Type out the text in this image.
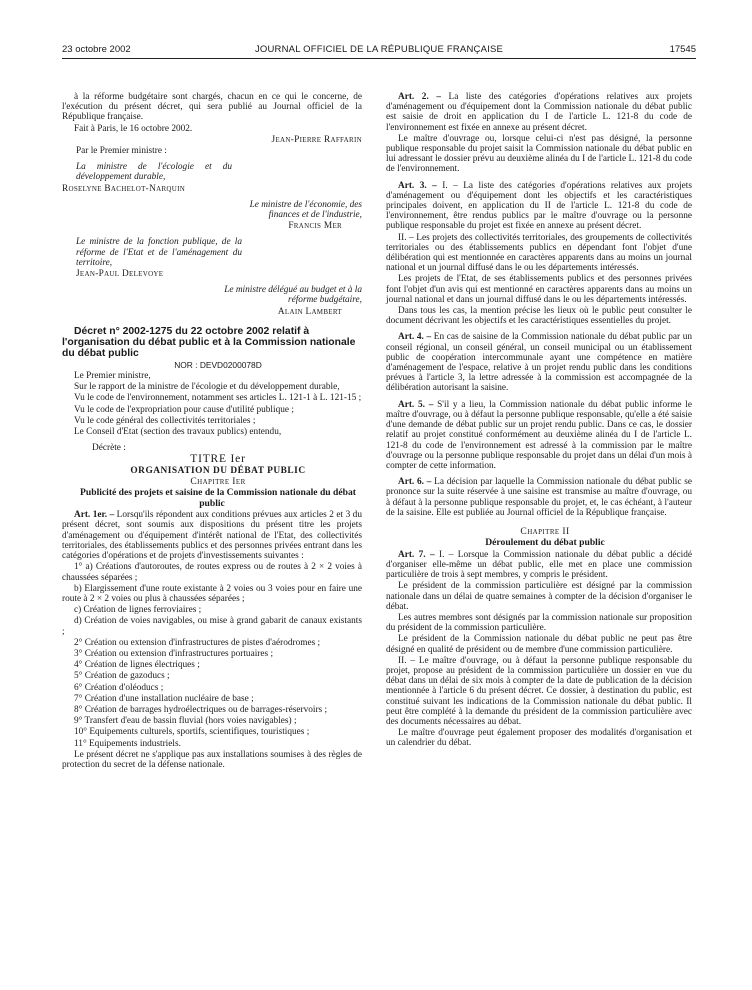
23 octobre 2002	JOURNAL OFFICIEL DE LA RÉPUBLIQUE FRANÇAISE	17545

à la réforme budgétaire sont chargés, chacun en ce qui le concerne, de l'exécution du présent décret, qui sera publié au Journal officiel de la République française.

Fait à Paris, le 16 octobre 2002.

Jean-Pierre Raffarin

Par le Premier ministre :

La ministre de l'écologie et du développement durable,

Roselyne Bachelot-Narquin

Le ministre de l'économie, des finances et de l'industrie,

Francis Mer

Le ministre de la fonction publique, de la réforme de l'Etat et de l'aménagement du territoire,

Jean-Paul Delevoye

Le ministre délégué au budget et à la réforme budgétaire,

Alain Lambert

Décret n° 2002-1275 du 22 octobre 2002 relatif à l'organisation du débat public et à la Commission nationale du débat public

NOR : DEVD0200078D

Le Premier ministre,

Sur le rapport de la ministre de l'écologie et du développement durable,

Vu le code de l'environnement, notamment ses articles L. 121-1 à L. 121-15 ;

Vu le code de l'expropriation pour cause d'utilité publique ;

Vu le code général des collectivités territoriales ;

Le Conseil d'Etat (section des travaux publics) entendu,

Décrète :

TITRE Ier

ORGANISATION DU DÉBAT PUBLIC

Chapitre Ier

Publicité des projets et saisine de la Commission nationale du débat public

Art. 1er. – Lorsqu'ils répondent aux conditions prévues aux articles 2 et 3 du présent décret, sont soumis aux dispositions du présent titre les projets d'aménagement ou d'équipement d'intérêt national de l'Etat, des collectivités territoriales, des établissements publics et des personnes privées entrant dans les catégories d'opérations et de projets d'investissements suivantes :

1° a) Créations d'autoroutes, de routes express ou de routes à 2 × 2 voies à chaussées séparées ;

b) Elargissement d'une route existante à 2 voies ou 3 voies pour en faire une route à 2 × 2 voies ou plus à chaussées séparées ;

c) Création de lignes ferroviaires ;

d) Création de voies navigables, ou mise à grand gabarit de canaux existants ;

2° Création ou extension d'infrastructures de pistes d'aérodromes ;

3° Création ou extension d'infrastructures portuaires ;

4° Création de lignes électriques ;

5° Création de gazoducs ;

6° Création d'oléoducs ;

7° Création d'une installation nucléaire de base ;

8° Création de barrages hydroélectriques ou de barrages-réservoirs ;

9° Transfert d'eau de bassin fluvial (hors voies navigables) ;

10° Equipements culturels, sportifs, scientifiques, touristiques ;

11° Equipements industriels.

Le présent décret ne s'applique pas aux installations soumises à des règles de protection du secret de la défense nationale.

Art. 2. – La liste des catégories d'opérations relatives aux projets d'aménagement ou d'équipement dont la Commission nationale du débat public est saisie de droit en application du I de l'article L. 121-8 du code de l'environnement est fixée en annexe au présent décret.

Le maître d'ouvrage ou, lorsque celui-ci n'est pas désigné, la personne publique responsable du projet saisit la Commission nationale du débat public en lui adressant le dossier prévu au deuxième alinéa du I de l'article L. 121-8 du code de l'environnement.

Art. 3. – I. – La liste des catégories d'opérations relatives aux projets d'aménagement ou d'équipement dont les objectifs et les caractéristiques principales doivent, en application du II de l'article L. 121-8 du code de l'environnement, être rendus publics par le maître d'ouvrage ou la personne publique responsable du projet est fixée en annexe au présent décret.

II. – Les projets des collectivités territoriales, des groupements de collectivités territoriales ou des établissements publics en dépendant font l'objet d'une délibération qui est mentionnée en caractères apparents dans au moins un journal national et un journal diffusé dans le ou les départements intéressés.

Les projets de l'Etat, de ses établissements publics et des personnes privées font l'objet d'un avis qui est mentionné en caractères apparents dans au moins un journal national et dans un journal diffusé dans le ou les départements intéressés.

Dans tous les cas, la mention précise les lieux où le public peut consulter le document décrivant les objectifs et les caractéristiques essentielles du projet.

Art. 4. – En cas de saisine de la Commission nationale du débat public par un conseil régional, un conseil général, un conseil municipal ou un établissement public de coopération intercommunale ayant une compétence en matière d'aménagement de l'espace, relative à un projet rendu public dans les conditions prévues à l'article 3, la lettre adressée à la commission est accompagnée de la délibération autorisant la saisine.

Art. 5. – S'il y a lieu, la Commission nationale du débat public informe le maître d'ouvrage, ou à défaut la personne publique responsable, qu'elle a été saisie d'une demande de débat public sur un projet rendu public. Dans ce cas, le dossier relatif au projet constitué conformément au deuxième alinéa du I de l'article L. 121-8 du code de l'environnement est adressé à la commission par le maître d'ouvrage ou la personne publique responsable du projet dans un délai d'un mois à compter de cette information.

Art. 6. – La décision par laquelle la Commission nationale du débat public se prononce sur la suite réservée à une saisine est transmise au maître d'ouvrage, ou à défaut à la personne publique responsable du projet, et, le cas échéant, à l'auteur de la saisine. Elle est publiée au Journal officiel de la République française.

Chapitre II

Déroulement du débat public

Art. 7. – I. – Lorsque la Commission nationale du débat public a décidé d'organiser elle-même un débat public, elle met en place une commission particulière de trois à sept membres, y compris le président.

Le président de la commission particulière est désigné par la commission nationale dans un délai de quatre semaines à compter de la décision d'organiser le débat.

Les autres membres sont désignés par la commission nationale sur proposition du président de la commission particulière.

Le président de la Commission nationale du débat public ne peut pas être désigné en qualité de président ou de membre d'une commission particulière.

II. – Le maître d'ouvrage, ou à défaut la personne publique responsable du projet, propose au président de la commission particulière un dossier en vue du débat dans un délai de six mois à compter de la date de publication de la décision mentionnée à l'article 6 du présent décret. Ce dossier, à destination du public, est constitué suivant les indications de la Commission nationale du débat public. Il peut être complété à la demande du président de la commission particulière avec des documents nécessaires au débat.

Le maître d'ouvrage peut également proposer des modalités d'organisation et un calendrier du débat.
